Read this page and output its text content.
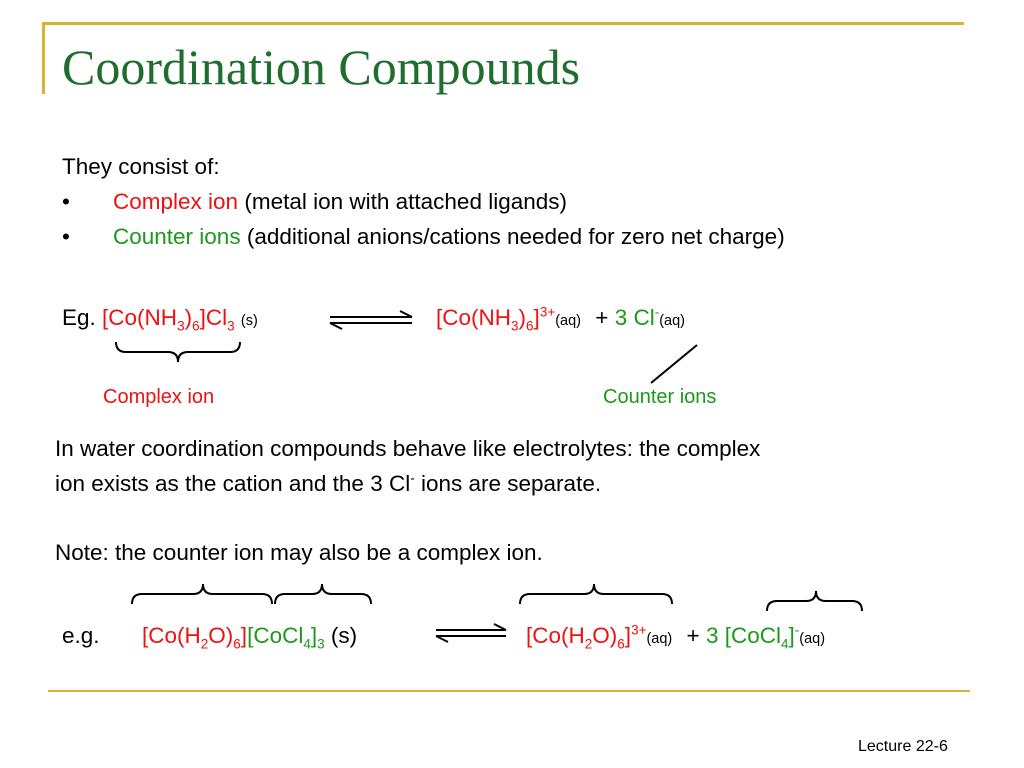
Coordination Compounds
They consist of:
• Complex ion (metal ion with attached ligands)
• Counter ions (additional anions/cations needed for zero net charge)
Eg. $[Co(NH_3)_6]Cl_3$ (s)	$[Co(NH_3)_6]^{3+}(aq) + 3$ Cl-(aq)
Complex ion	Counter ions
In water coordination compounds behave like electrolytes: the complex
ion exists as the cation and the 3 Cl- ions are separate.
Note: the counter ion may also be a complex ion.
e.g. $[Co(H_2O)_6][CoCl_4]_3$ (s)	$[Co(H_2O)_6]^{3+}(aq) + 3$ [CoCl$_4$]-(aq)
Lecture 22-6
